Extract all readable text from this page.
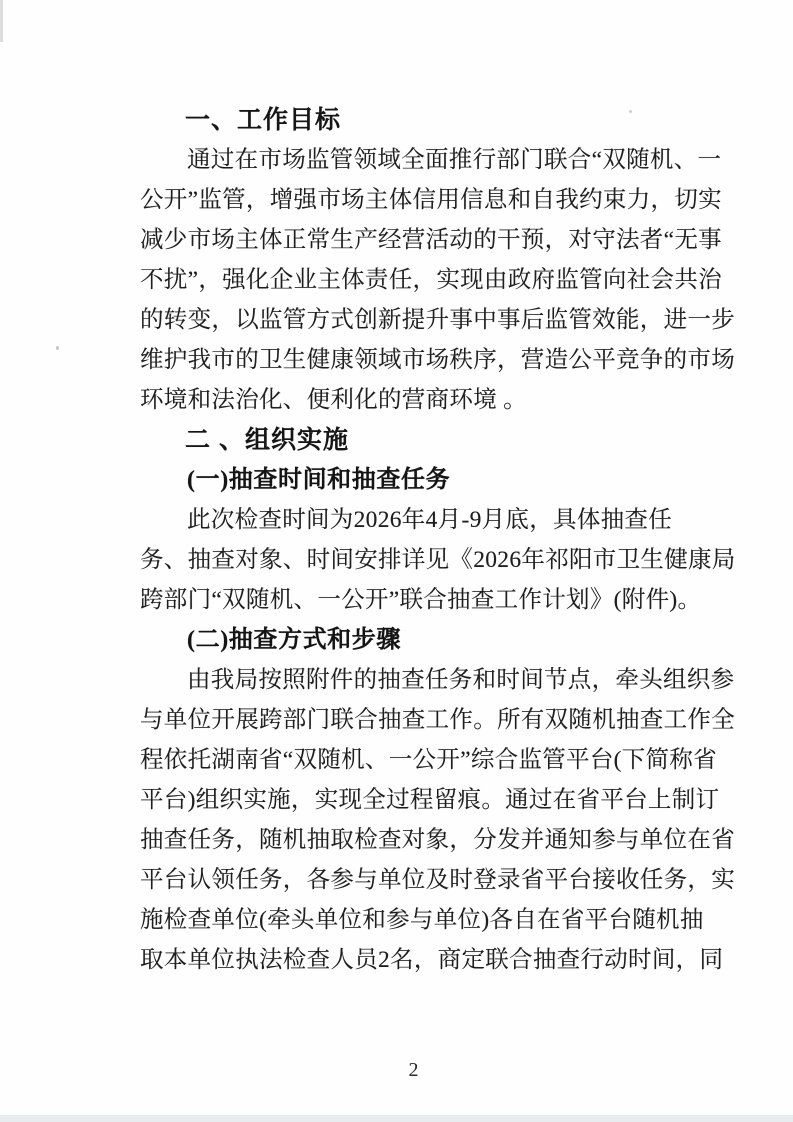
一、工作目标
通过在市场监管领域全面推行部门联合“双随机、一
公开”监管，增强市场主体信用信息和自我约束力，切实
减少市场主体正常生产经营活动的干预，对守法者“无事
不扰”，强化企业主体责任，实现由政府监管向社会共治
的转变，以监管方式创新提升事中事后监管效能，进一步
维护我市的卫生健康领域市场秩序，营造公平竞争的市场
环境和法治化、便利化的营商环境 。
二 、组织实施
(一)抽查时间和抽查任务
此次检查时间为2026年4月-9月底，具体抽查任
务、抽查对象、时间安排详见《2026年祁阳市卫生健康局
跨部门“双随机、一公开”联合抽查工作计划》(附件)。
(二)抽查方式和步骤
由我局按照附件的抽查任务和时间节点，牵头组织参
与单位开展跨部门联合抽查工作。所有双随机抽查工作全
程依托湖南省“双随机、一公开”综合监管平台(下简称省
平台)组织实施，实现全过程留痕。通过在省平台上制订
抽查任务，随机抽取检查对象，分发并通知参与单位在省
平台认领任务，各参与单位及时登录省平台接收任务，实
施检查单位(牵头单位和参与单位)各自在省平台随机抽
取本单位执法检查人员2名，商定联合抽查行动时间，同
2
